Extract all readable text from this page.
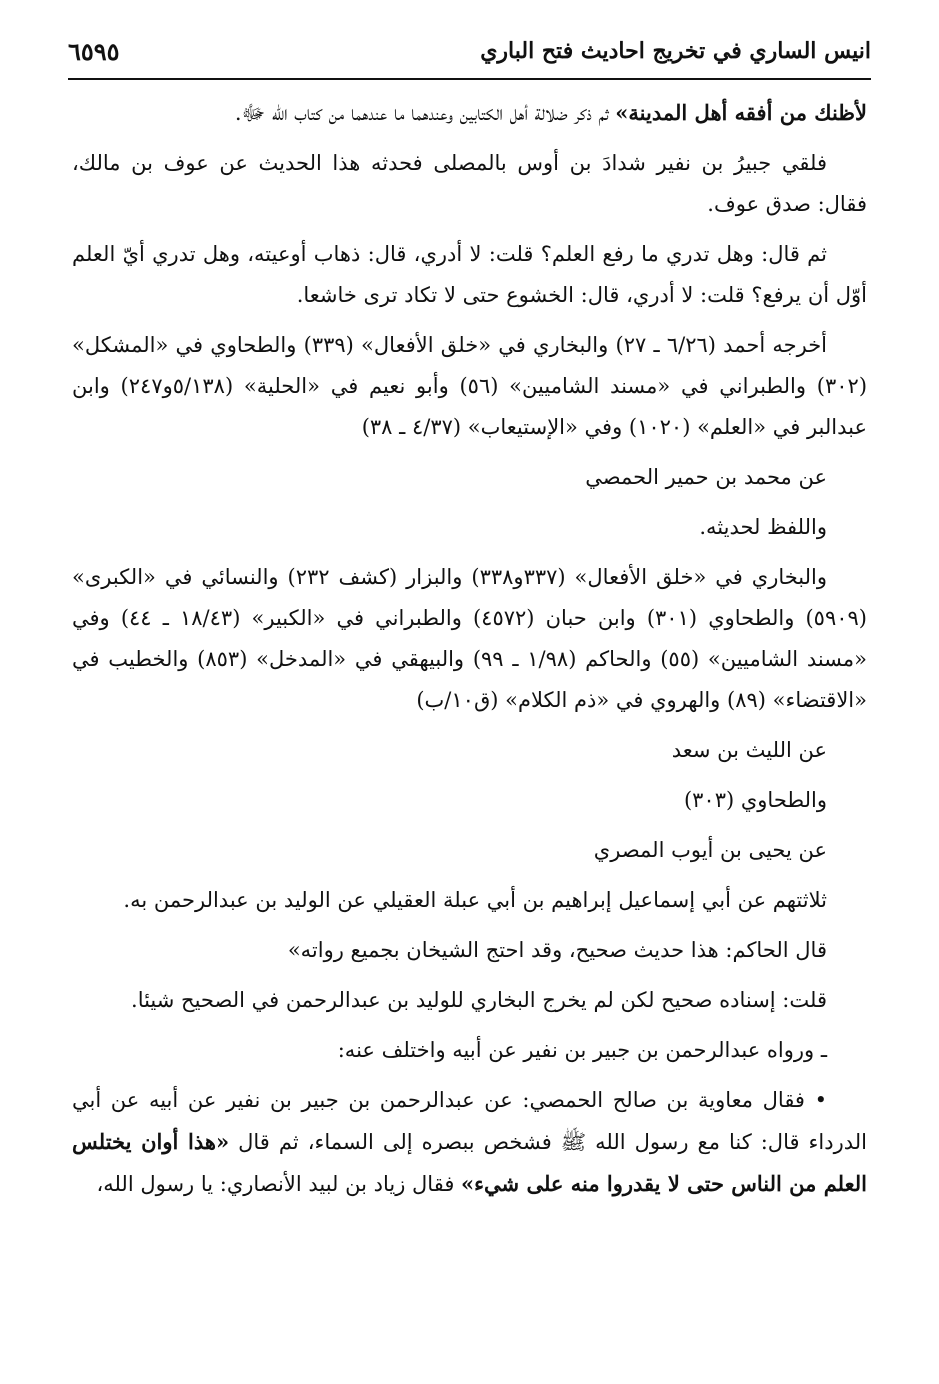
انيس الساري في تخريج احاديث فتح الباري
٦٥٩٥

لأظنك من أفقه أهل المدينة» ثم ذكر ضلالة أهل الكتابين وعندهما ما عندهما من كتاب الله ﷻ.

فلقي جبيرُ بن نفير شدادَ بن أوس بالمصلى فحدثه هذا الحديث عن عوف بن مالك، فقال: صدق عوف.

ثم قال: وهل تدري ما رفع العلم؟ قلت: لا أدري، قال: ذهاب أوعيته، وهل تدري أيّ العلم أوّل أن يرفع؟ قلت: لا أدري، قال: الخشوع حتى لا تكاد ترى خاشعا.

أخرجه أحمد (٦/٢٦ ـ ٢٧) والبخاري في «خلق الأفعال» (٣٣٩) والطحاوي في «المشكل» (٣٠٢) والطبراني في «مسند الشاميين» (٥٦) وأبو نعيم في «الحلية» (٥/١٣٨و٢٤٧) وابن عبدالبر في «العلم» (١٠٢٠) وفي «الإستيعاب» (٤/٣٧ ـ ٣٨)

عن محمد بن حمير الحمصي

واللفظ لحديثه.

والبخاري في «خلق الأفعال» (٣٣٧و٣٣٨) والبزار (كشف ٢٣٢) والنسائي في «الكبرى» (٥٩٠٩) والطحاوي (٣٠١) وابن حبان (٤٥٧٢) والطبراني في «الكبير» (١٨/٤٣ ـ ٤٤) وفي «مسند الشاميين» (٥٥) والحاكم (١/٩٨ ـ ٩٩) والبيهقي في «المدخل» (٨٥٣) والخطيب في «الاقتضاء» (٨٩) والهروي في «ذم الكلام» (ق١٠/ب)

عن الليث بن سعد

والطحاوي (٣٠٣)

عن يحيى بن أيوب المصري

ثلاثتهم عن أبي إسماعيل إبراهيم بن أبي عبلة العقيلي عن الوليد بن عبدالرحمن به.

قال الحاكم: هذا حديث صحيح، وقد احتج الشيخان بجميع رواته»

قلت: إسناده صحيح لكن لم يخرج البخاري للوليد بن عبدالرحمن في الصحيح شيئا.

ـ ورواه عبدالرحمن بن جبير بن نفير عن أبيه واختلف عنه:

• فقال معاوية بن صالح الحمصي: عن عبدالرحمن بن جبير بن نفير عن أبيه عن أبي الدرداء قال: كنا مع رسول الله ﷺ فشخص ببصره إلى السماء، ثم قال «هذا أوان يختلس العلم من الناس حتى لا يقدروا منه على شيء» فقال زياد بن لبيد الأنصاري: يا رسول الله،
